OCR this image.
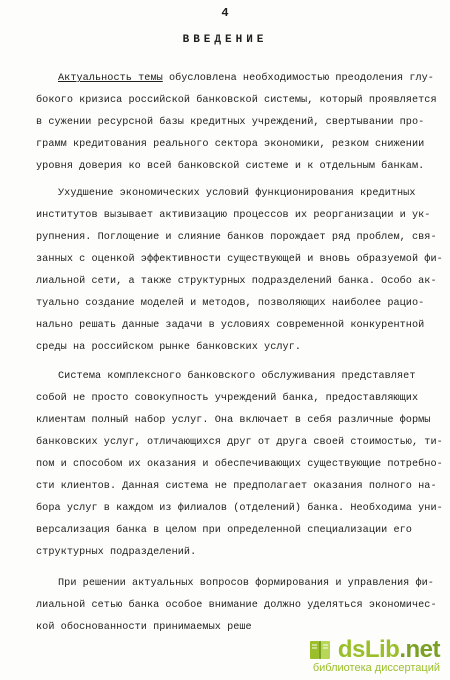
4
ВВЕДЕНИЕ
Актуальность темы обусловлена необходимостью преодоления глу-
бокого кризиса российской банковской системы, который проявляется
в сужении ресурсной базы кредитных учреждений, свертывании про-
грамм кредитования реального сектора экономики, резком снижении
уровня доверия ко всей банковской системе и к отдельным банкам.
Ухудшение экономических условий функционирования кредитных
институтов вызывает активизацию процессов их реорганизации и ук-
рупнения. Поглощение и слияние банков порождает ряд проблем, свя-
занных с оценкой эффективности существующей и вновь образуемой фи-
лиальной сети, а также структурных подразделений банка. Особо ак-
туально создание моделей и методов, позволяющих наиболее рацио-
нально решать данные задачи в условиях современной конкурентной
среды на российском рынке банковских услуг.
Система комплексного банковского обслуживания представляет
собой не просто совокупность учреждений банка, предоставляющих
клиентам полный набор услуг. Она включает в себя различные формы
банковских услуг, отличающихся друг от друга своей стоимостью, ти-
пом и способом их оказания и обеспечивающих существующие потребно-
сти клиентов. Данная система не предполагает оказания полного на-
бора услуг в каждом из филиалов (отделений) банка. Необходима уни-
версализация банка в целом при определенной специализации его
структурных подразделений.
При решении актуальных вопросов формирования и управления фи-
лиальной сетью банка особое внимание должно уделяться экономичес-
кой обоснованности принимаемых реше
dsLib.net
библиотека диссертаций
